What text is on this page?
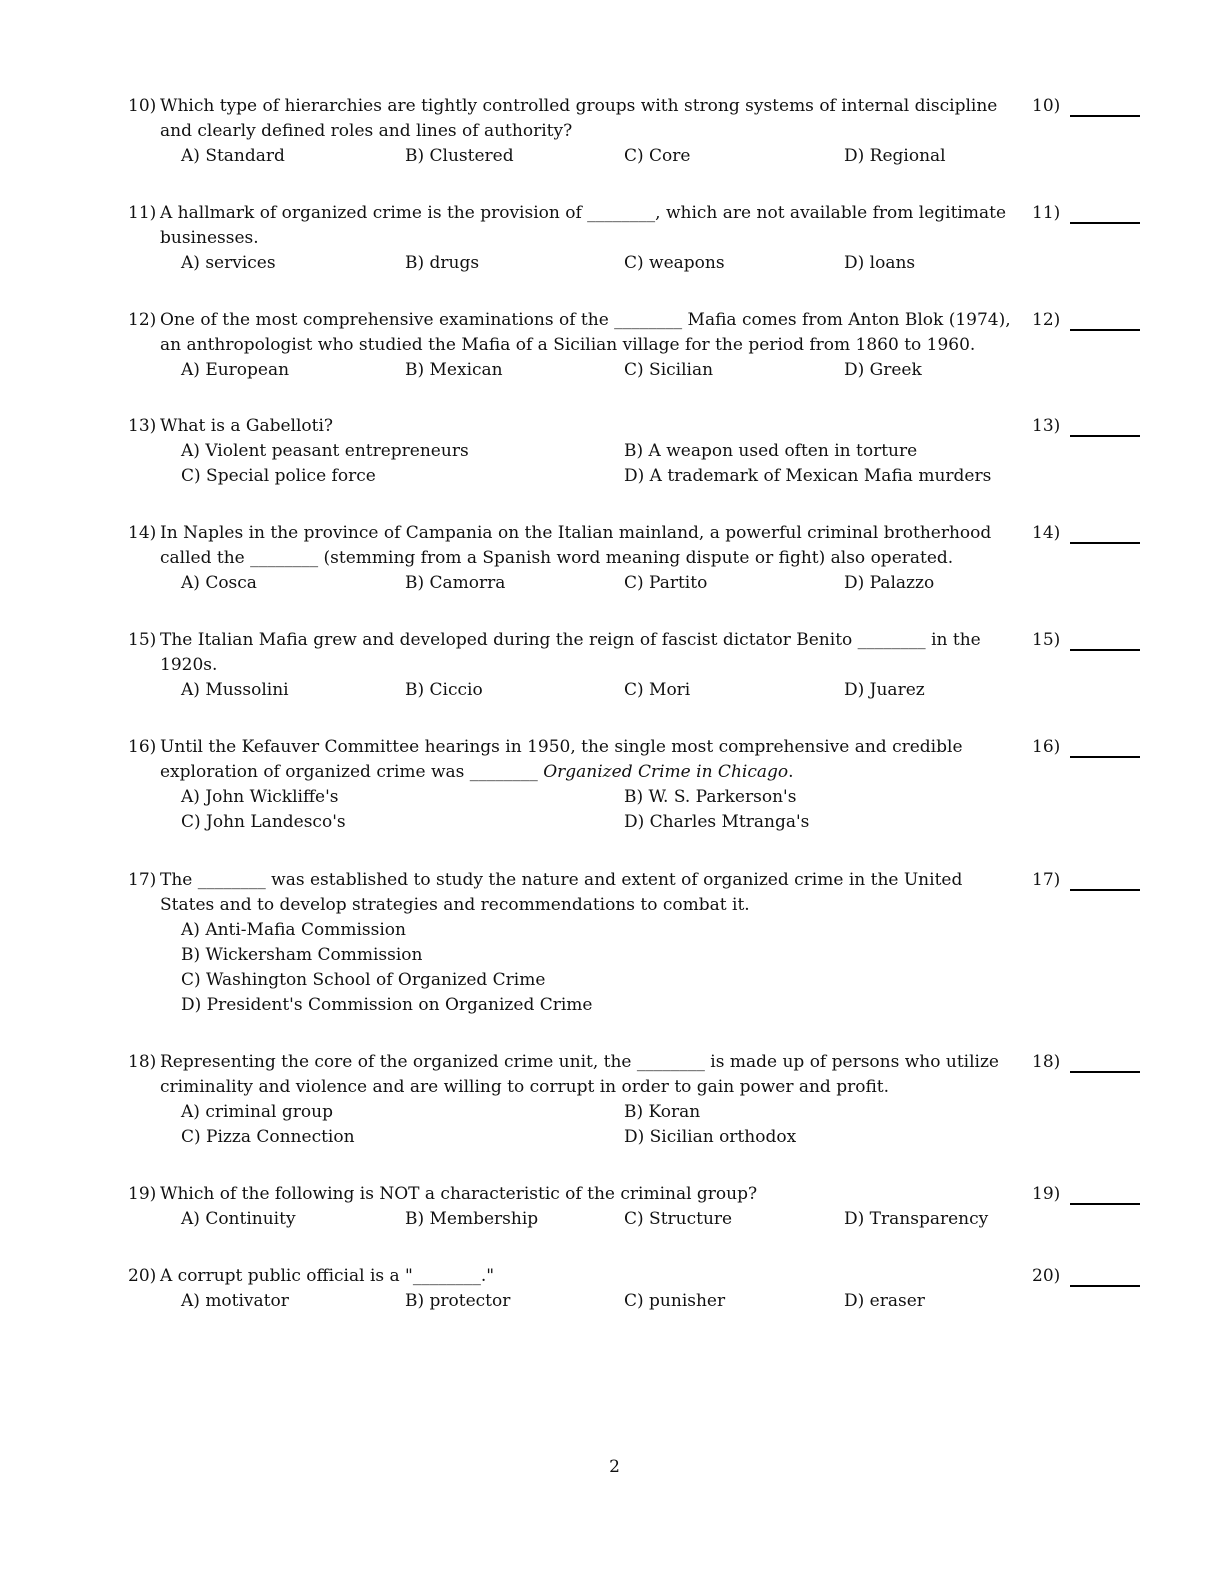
10) Which type of hierarchies are tightly controlled groups with strong systems of internal discipline 10)
and clearly defined roles and lines of authority?
A) Standard	B) Clustered	C) Core	D) Regional
11) A hallmark of organized crime is the provision of ________, which are not available from legitimate 11)
businesses.
A) services	B) drugs	C) weapons	D) loans
12) One of the most comprehensive examinations of the ________ Mafia comes from Anton Blok (1974), 12)
an anthropologist who studied the Mafia of a Sicilian village for the period from 1860 to 1960.
A) European	B) Mexican	C) Sicilian	D) Greek
13) What is a Gabelloti?	13)
A) Violent peasant entrepreneurs	B) A weapon used often in torture
C) Special police force	D) A trademark of Mexican Mafia murders
14) In Naples in the province of Campania on the Italian mainland, a powerful criminal brotherhood 14)
called the ________ (stemming from a Spanish word meaning dispute or fight) also operated.
A) Cosca	B) Camorra	C) Partito	D) Palazzo
15) The Italian Mafia grew and developed during the reign of fascist dictator Benito ________ in the	15)
1920s.
A) Mussolini	B) Ciccio	C) Mori	D) Juarez
16) Until the Kefauver Committee hearings in 1950, the single most comprehensive and credible	16)
exploration of organized crime was ________ Organized Crime in Chicago.
A) John Wickliffe's	B) W. S. Parkerson's
C) John Landesco's	D) Charles Mtranga's
17) The ________ was established to study the nature and extent of organized crime in the United	17)
States and to develop strategies and recommendations to combat it.
A) Anti-Mafia Commission
B) Wickersham Commission
C) Washington School of Organized Crime
D) President's Commission on Organized Crime
18) Representing the core of the organized crime unit, the ________ is made up of persons who utilize 18)
criminality and violence and are willing to corrupt in order to gain power and profit.
A) criminal group	B) Koran
C) Pizza Connection	D) Sicilian orthodox
19) Which of the following is NOT a characteristic of the criminal group?	19)
A) Continuity	B) Membership	C) Structure	D) Transparency
20) A corrupt public official is a "________."	20)
A) motivator	B) protector	C) punisher	D) eraser
2
